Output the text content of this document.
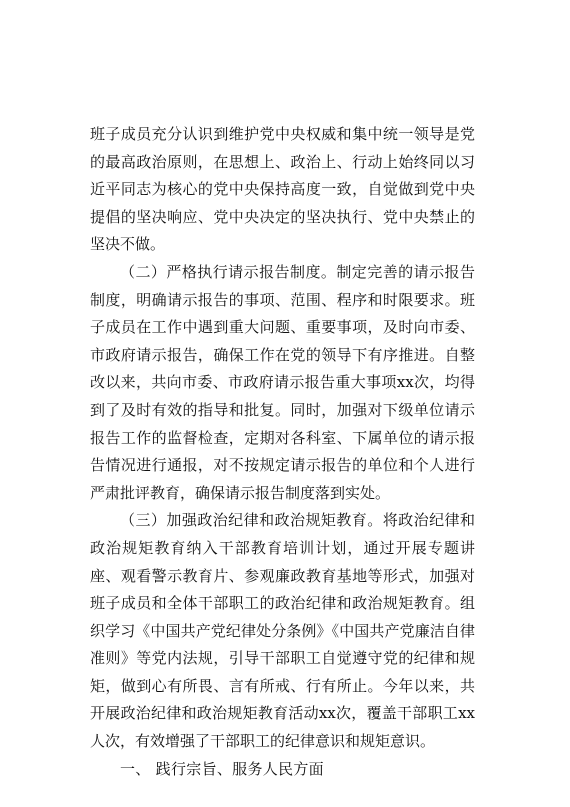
班子成员充分认识到维护党中央权威和集中统一领导是党的最高政治原则，在思想上、政治上、行动上始终同以习近平同志为核心的党中央保持高度一致，自觉做到党中央提倡的坚决响应、党中央决定的坚决执行、党中央禁止的坚决不做。

（二）严格执行请示报告制度。制定完善的请示报告制度，明确请示报告的事项、范围、程序和时限要求。班子成员在工作中遇到重大问题、重要事项，及时向市委、市政府请示报告，确保工作在党的领导下有序推进。自整改以来，共向市委、市政府请示报告重大事项xx次，均得到了及时有效的指导和批复。同时，加强对下级单位请示报告工作的监督检查，定期对各科室、下属单位的请示报告情况进行通报，对不按规定请示报告的单位和个人进行严肃批评教育，确保请示报告制度落到实处。

（三）加强政治纪律和政治规矩教育。将政治纪律和政治规矩教育纳入干部教育培训计划，通过开展专题讲座、观看警示教育片、参观廉政教育基地等形式，加强对班子成员和全体干部职工的政治纪律和政治规矩教育。组织学习《中国共产党纪律处分条例》《中国共产党廉洁自律准则》等党内法规，引导干部职工自觉遵守党的纪律和规矩，做到心有所畏、言有所戒、行有所止。今年以来，共开展政治纪律和政治规矩教育活动xx次，覆盖干部职工xx人次，有效增强了干部职工的纪律意识和规矩意识。

一、 践行宗旨、服务人民方面
